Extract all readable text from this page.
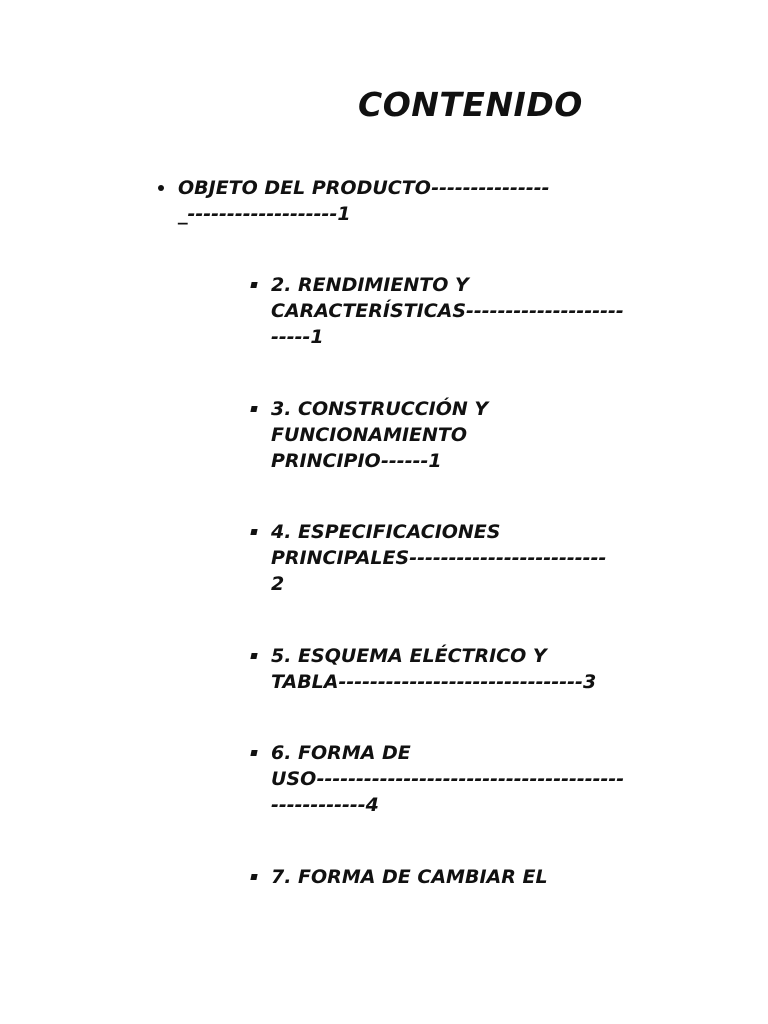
CONTENIDO
OBJETO DEL PRODUCTO---------------
_-------------------1
2. RENDIMIENTO Y
CARACTERÍSTICAS--------------------
-----1
3. CONSTRUCCIÓN Y
FUNCIONAMIENTO
PRINCIPIO------1
4. ESPECIFICACIONES
PRINCIPALES-------------------------
2
5. ESQUEMA ELÉCTRICO Y
TABLA-------------------------------3
6. FORMA DE
USO---------------------------------------
------------4
7. FORMA DE CAMBIAR EL
